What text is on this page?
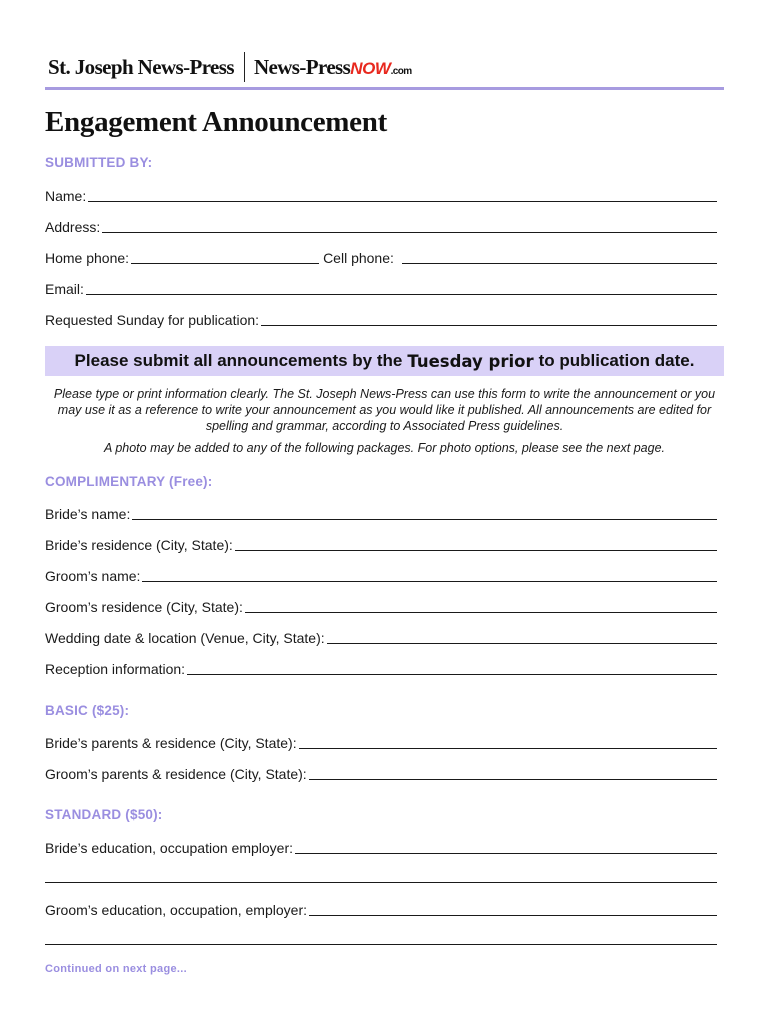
St. Joseph News-Press News-PressNOW.com
Engagement Announcement
SUBMITTED BY:
Name:
Address:
Home phone:	Cell phone:
Email:
Requested Sunday for publication:
Please submit all announcements by the Tuesday prior to publication date.

Please type or print information clearly. The St. Joseph News-Press can use this form to write the announcement or you may use it as a reference to write your announcement as you would like it published. All announcements are edited for spelling and grammar, according to Associated Press guidelines.

A photo may be added to any of the following packages. For photo options, please see the next page.

COMPLIMENTARY (Free):
Bride’s name:
Bride’s residence (City, State):
Groom’s name:
Groom’s residence (City, State):
Wedding date & location (Venue, City, State):
Reception information:
BASIC ($25):
Bride’s parents & residence (City, State):
Groom’s parents & residence (City, State):
STANDARD ($50):
Bride’s education, occupation employer:
Groom’s education, occupation, employer:
Continued on next page...
